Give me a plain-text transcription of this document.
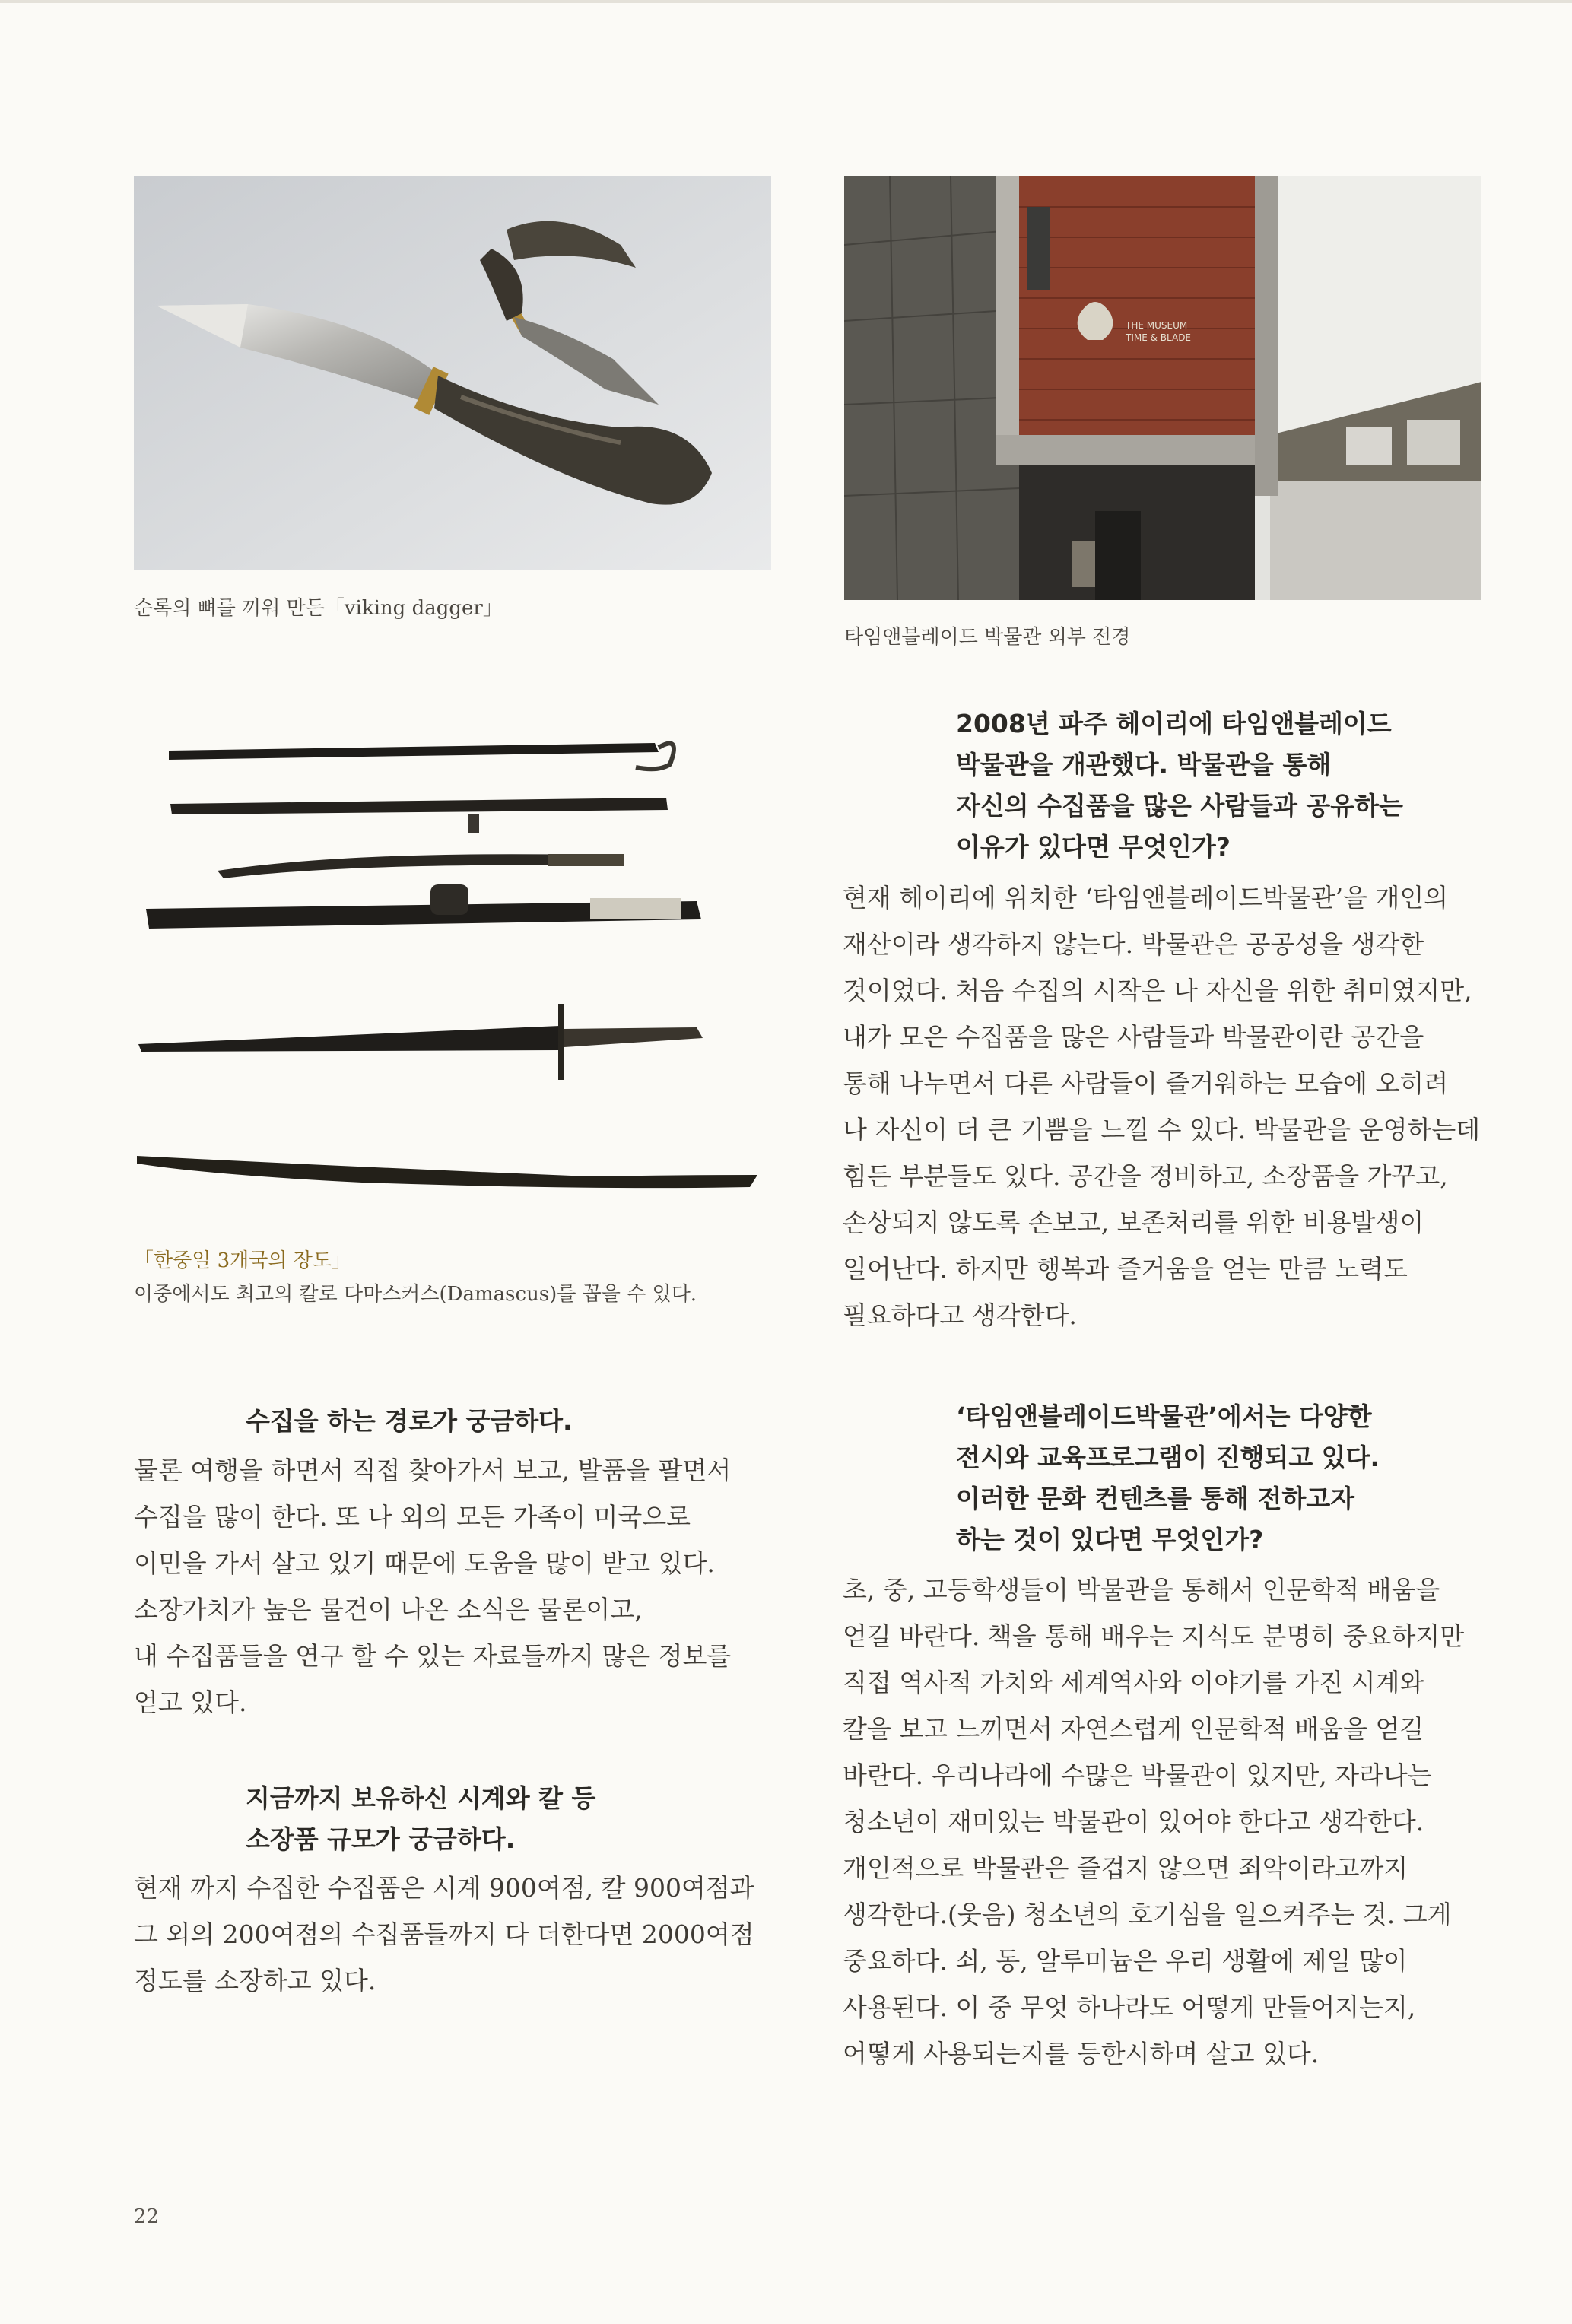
순록의 뼈를 끼워 만든「viking dagger」
THE MUSEUM
TIME & BLADE
타임앤블레이드 박물관 외부 전경
「한중일 3개국의 장도」
이중에서도 최고의 칼로 다마스커스(Damascus)를 꼽을 수 있다.
2008년 파주 헤이리에 타임앤블레이드
박물관을 개관했다. 박물관을 통해
자신의 수집품을 많은 사람들과 공유하는
이유가 있다면 무엇인가?
현재 헤이리에 위치한 ‘타임앤블레이드박물관’을 개인의
재산이라 생각하지 않는다. 박물관은 공공성을 생각한
것이었다. 처음 수집의 시작은 나 자신을 위한 취미였지만,
내가 모은 수집품을 많은 사람들과 박물관이란 공간을
통해 나누면서 다른 사람들이 즐거워하는 모습에 오히려
나 자신이 더 큰 기쁨을 느낄 수 있다. 박물관을 운영하는데
힘든 부분들도 있다. 공간을 정비하고, 소장품을 가꾸고,
손상되지 않도록 손보고, 보존처리를 위한 비용발생이
일어난다. 하지만 행복과 즐거움을 얻는 만큼 노력도
필요하다고 생각한다.
수집을 하는 경로가 궁금하다.
물론 여행을 하면서 직접 찾아가서 보고, 발품을 팔면서
수집을 많이 한다. 또 나 외의 모든 가족이 미국으로
이민을 가서 살고 있기 때문에 도움을 많이 받고 있다.
소장가치가 높은 물건이 나온 소식은 물론이고,
내 수집품들을 연구 할 수 있는 자료들까지 많은 정보를
얻고 있다.
지금까지 보유하신 시계와 칼 등
소장품 규모가 궁금하다.
현재 까지 수집한 수집품은 시계 900여점, 칼 900여점과
그 외의 200여점의 수집품들까지 다 더한다면 2000여점
정도를 소장하고 있다.
‘타임앤블레이드박물관’에서는 다양한
전시와 교육프로그램이 진행되고 있다.
이러한 문화 컨텐츠를 통해 전하고자
하는 것이 있다면 무엇인가?
초, 중, 고등학생들이 박물관을 통해서 인문학적 배움을
얻길 바란다. 책을 통해 배우는 지식도 분명히 중요하지만
직접 역사적 가치와 세계역사와 이야기를 가진 시계와
칼을 보고 느끼면서 자연스럽게 인문학적 배움을 얻길
바란다. 우리나라에 수많은 박물관이 있지만, 자라나는
청소년이 재미있는 박물관이 있어야 한다고 생각한다.
개인적으로 박물관은 즐겁지 않으면 죄악이라고까지
생각한다.(웃음) 청소년의 호기심을 일으켜주는 것. 그게
중요하다. 쇠, 동, 알루미늄은 우리 생활에 제일 많이
사용된다. 이 중 무엇 하나라도 어떻게 만들어지는지,
어떻게 사용되는지를 등한시하며 살고 있다.
22
